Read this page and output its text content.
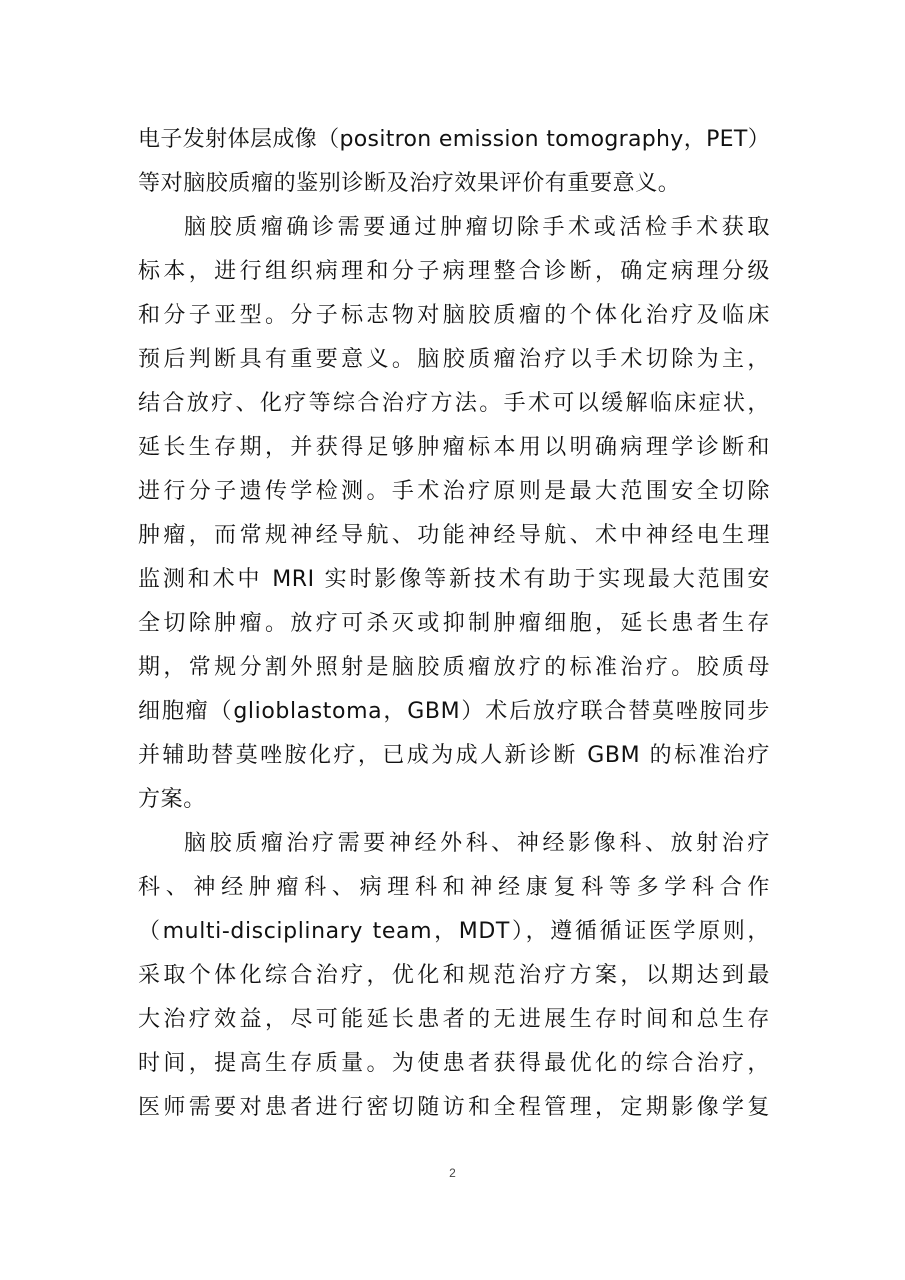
电子发射体层成像（positron emission tomography，PET）
等对脑胶质瘤的鉴别诊断及治疗效果评价有重要意义。
脑胶质瘤确诊需要通过肿瘤切除手术或活检手术获取
标本，进行组织病理和分子病理整合诊断，确定病理分级
和分子亚型。分子标志物对脑胶质瘤的个体化治疗及临床
预后判断具有重要意义。脑胶质瘤治疗以手术切除为主，
结合放疗、化疗等综合治疗方法。手术可以缓解临床症状，
延长生存期，并获得足够肿瘤标本用以明确病理学诊断和
进行分子遗传学检测。手术治疗原则是最大范围安全切除
肿瘤，而常规神经导航、功能神经导航、术中神经电生理
监测和术中 MRI 实时影像等新技术有助于实现最大范围安
全切除肿瘤。放疗可杀灭或抑制肿瘤细胞，延长患者生存
期，常规分割外照射是脑胶质瘤放疗的标准治疗。胶质母
细胞瘤（glioblastoma，GBM）术后放疗联合替莫唑胺同步
并辅助替莫唑胺化疗，已成为成人新诊断 GBM 的标准治疗
方案。
脑胶质瘤治疗需要神经外科、神经影像科、放射治疗
科、神经肿瘤科、病理科和神经康复科等多学科合作
（multi-disciplinary team，MDT），遵循循证医学原则，
采取个体化综合治疗，优化和规范治疗方案，以期达到最
大治疗效益，尽可能延长患者的无进展生存时间和总生存
时间，提高生存质量。为使患者获得最优化的综合治疗，
医师需要对患者进行密切随访和全程管理，定期影像学复
2
